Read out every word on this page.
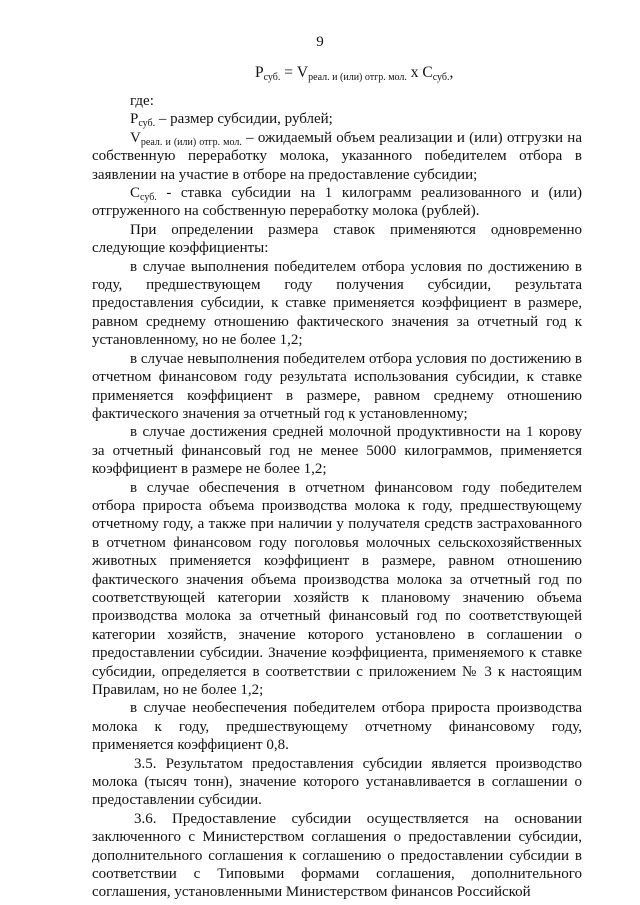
9
$P_{суб.} = V_{реал. и (или) отгр. мол.}$ x $C_{суб.}$,

где:

$P_{суб.}$ – размер субсидии, рублей;

$V_{реал. и (или) отгр. мол.}$ – ожидаемый объем реализации и (или) отгрузки на собственную переработку молока, указанного победителем отбора в заявлении на участие в отборе на предоставление субсидии;

$C_{суб.}$ - ставка субсидии на 1 килограмм реализованного и (или) отгруженного на собственную переработку молока (рублей).

При определении размера ставок применяются одновременно следующие коэффициенты:

в случае выполнения победителем отбора условия по достижению в году, предшествующем году получения субсидии, результата предоставления субсидии, к ставке применяется коэффициент в размере, равном среднему отношению фактического значения за отчетный год к установленному, но не более 1,2;

в случае невыполнения победителем отбора условия по достижению в отчетном финансовом году результата использования субсидии, к ставке применяется коэффициент в размере, равном среднему отношению фактического значения за отчетный год к установленному;

в случае достижения средней молочной продуктивности на 1 корову за отчетный финансовый год не менее 5000 килограммов, применяется коэффициент в размере не более 1,2;

в случае обеспечения в отчетном финансовом году победителем отбора прироста объема производства молока к году, предшествующему отчетному году, а также при наличии у получателя средств застрахованного в отчетном финансовом году поголовья молочных сельскохозяйственных животных применяется коэффициент в размере, равном отношению фактического значения объема производства молока за отчетный год по соответствующей категории хозяйств к плановому значению объема производства молока за отчетный финансовый год по соответствующей категории хозяйств, значение которого установлено в соглашении о предоставлении субсидии. Значение коэффициента, применяемого к ставке субсидии, определяется в соответствии с приложением № 3 к настоящим Правилам, но не более 1,2;

в случае необеспечения победителем отбора прироста производства молока к году, предшествующему отчетному финансовому году, применяется коэффициент 0,8.

3.5. Результатом предоставления субсидии является производство молока (тысяч тонн), значение которого устанавливается в соглашении о предоставлении субсидии.

3.6. Предоставление субсидии осуществляется на основании заключенного с Министерством соглашения о предоставлении субсидии, дополнительного соглашения к соглашению о предоставлении субсидии в соответствии с Типовыми формами соглашения, дополнительного соглашения, установленными Министерством финансов Российской
